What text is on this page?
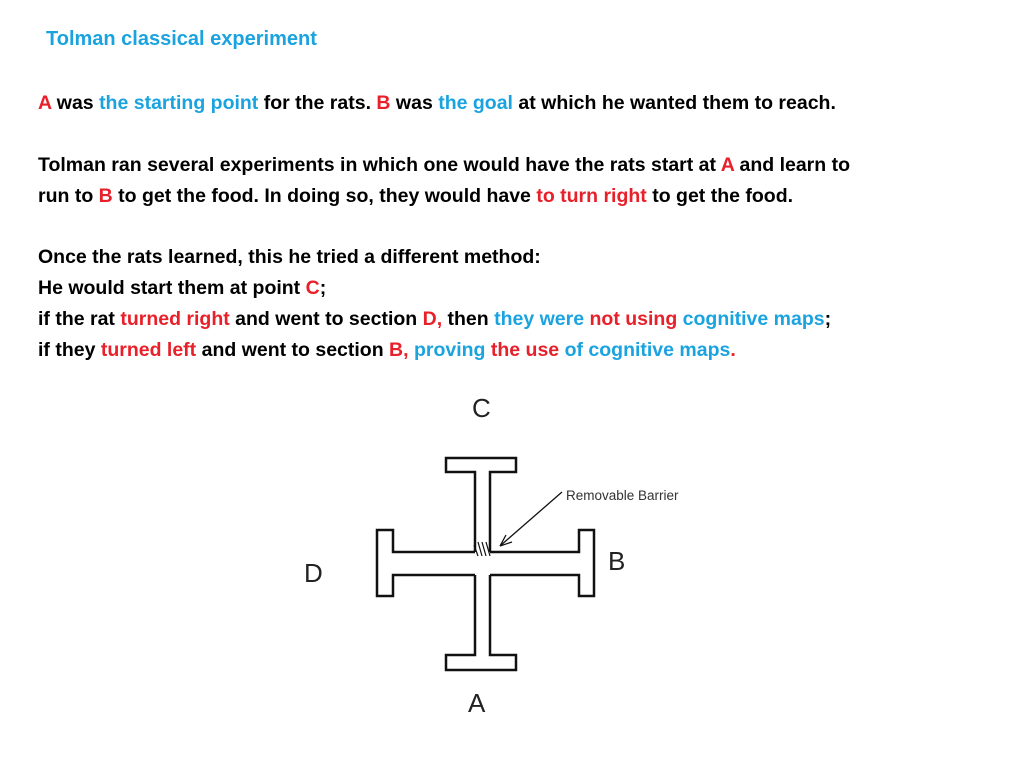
Tolman classical experiment

A was the starting point for the rats. B was the goal at which he wanted them to reach.

Tolman ran several experiments in which one would have the rats start at A and learn to
run to B to get the food. In doing so, they would have to turn right to get the food.

Once the rats learned, this he tried a different method:
He would start them at point C;
if the rat turned right and went to section D, then they were not using cognitive maps;
if they turned left and went to section B, proving the use of cognitive maps.

C
A
D	B
Removable Barrier
